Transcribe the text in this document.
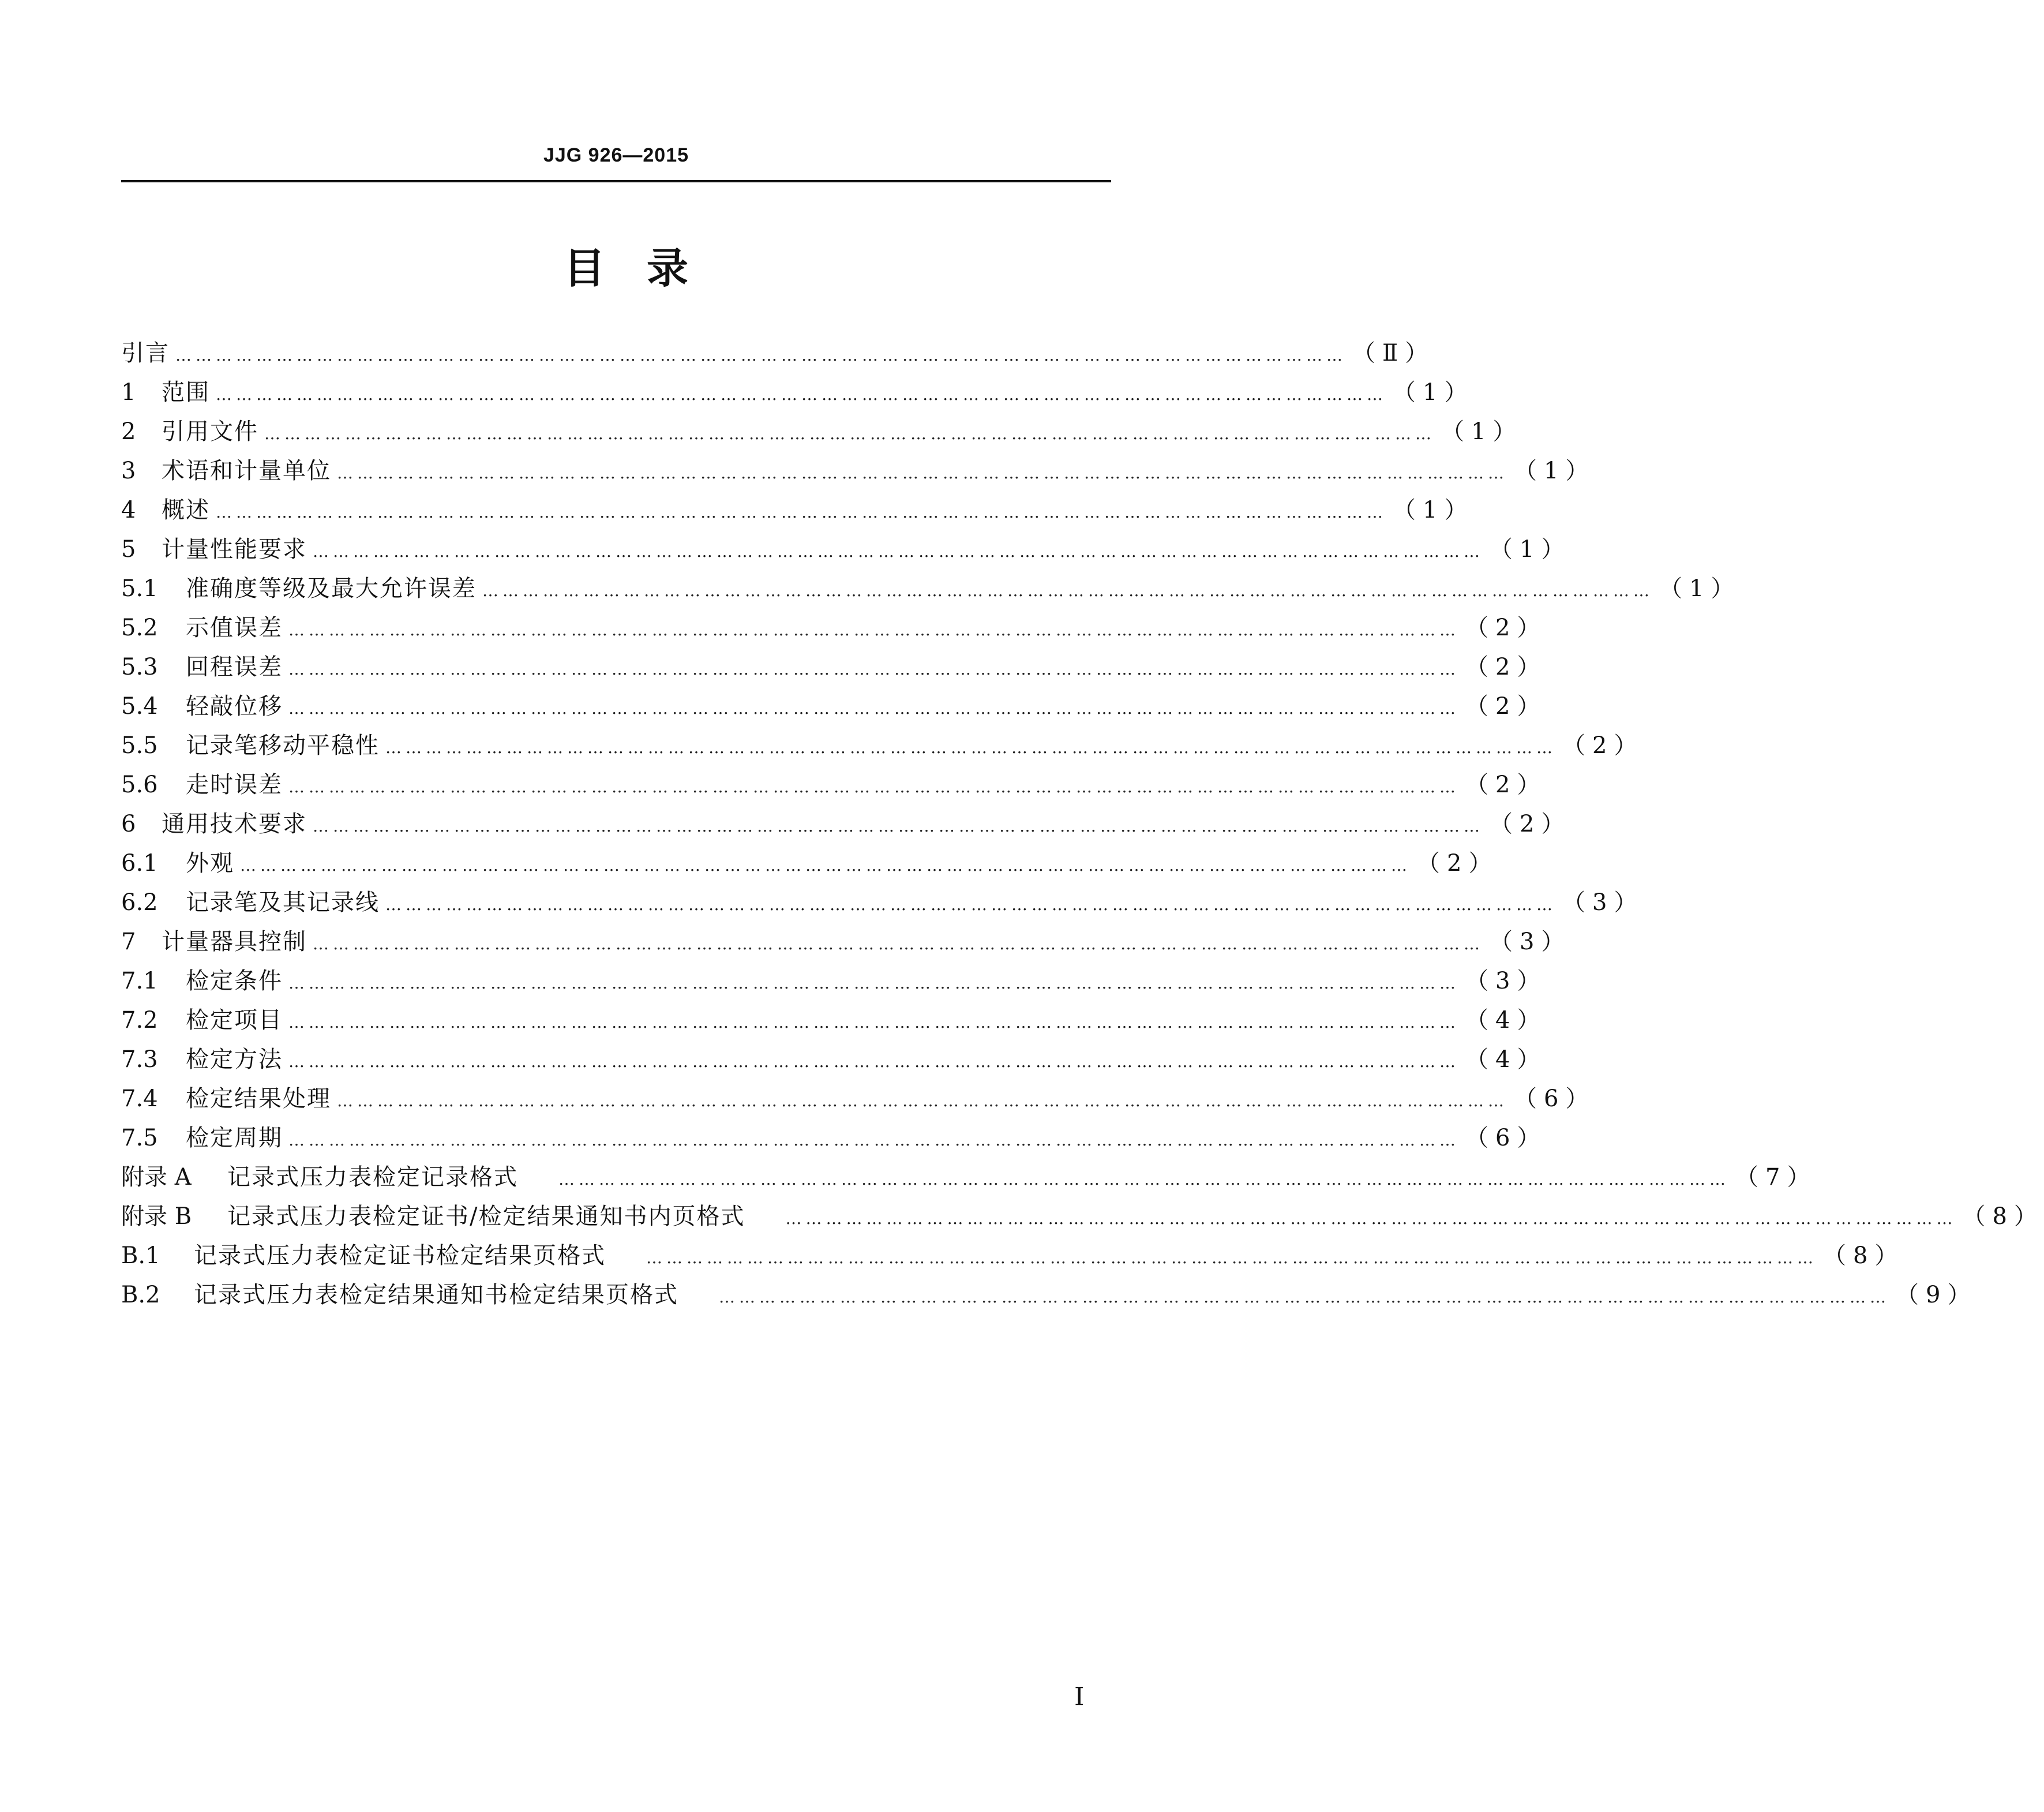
JJG 926—2015
目　录
引言 ………………………………………………………………………………………………………………………………………………………… （Ⅱ）
1	范围 ………………………………………………………………………………………………………………………………………………………… （1）
2	引用文件 ………………………………………………………………………………………………………………………………………………………… （1）
3	术语和计量单位 ………………………………………………………………………………………………………………………………………………………… （1）
4	概述 ………………………………………………………………………………………………………………………………………………………… （1）
5	计量性能要求 ………………………………………………………………………………………………………………………………………………………… （1）
5.1	准确度等级及最大允许误差 ………………………………………………………………………………………………………………………………………………………… （1）
5.2	示值误差 ………………………………………………………………………………………………………………………………………………………… （2）
5.3	回程误差 ………………………………………………………………………………………………………………………………………………………… （2）
5.4	轻敲位移 ………………………………………………………………………………………………………………………………………………………… （2）
5.5	记录笔移动平稳性 ………………………………………………………………………………………………………………………………………………………… （2）
5.6	走时误差 ………………………………………………………………………………………………………………………………………………………… （2）
6	通用技术要求 ………………………………………………………………………………………………………………………………………………………… （2）
6.1	外观 ………………………………………………………………………………………………………………………………………………………… （2）
6.2	记录笔及其记录线 ………………………………………………………………………………………………………………………………………………………… （3）
7	计量器具控制 ………………………………………………………………………………………………………………………………………………………… （3）
7.1	检定条件 ………………………………………………………………………………………………………………………………………………………… （3）
7.2	检定项目 ………………………………………………………………………………………………………………………………………………………… （4）
7.3	检定方法 ………………………………………………………………………………………………………………………………………………………… （4）
7.4	检定结果处理 ………………………………………………………………………………………………………………………………………………………… （6）
7.5	检定周期 ………………………………………………………………………………………………………………………………………………………… （6）
附录 A	记录式压力表检定记录格式	………………………………………………………………………………………………………………………………………………………… （7）
附录 B	记录式压力表检定证书/检定结果通知书内页格式	………………………………………………………………………………………………………………………………………………………… （8）
B.1	记录式压力表检定证书检定结果页格式	………………………………………………………………………………………………………………………………………………………… （8）
B.2	记录式压力表检定结果通知书检定结果页格式	………………………………………………………………………………………………………………………………………………………… （9）
I
